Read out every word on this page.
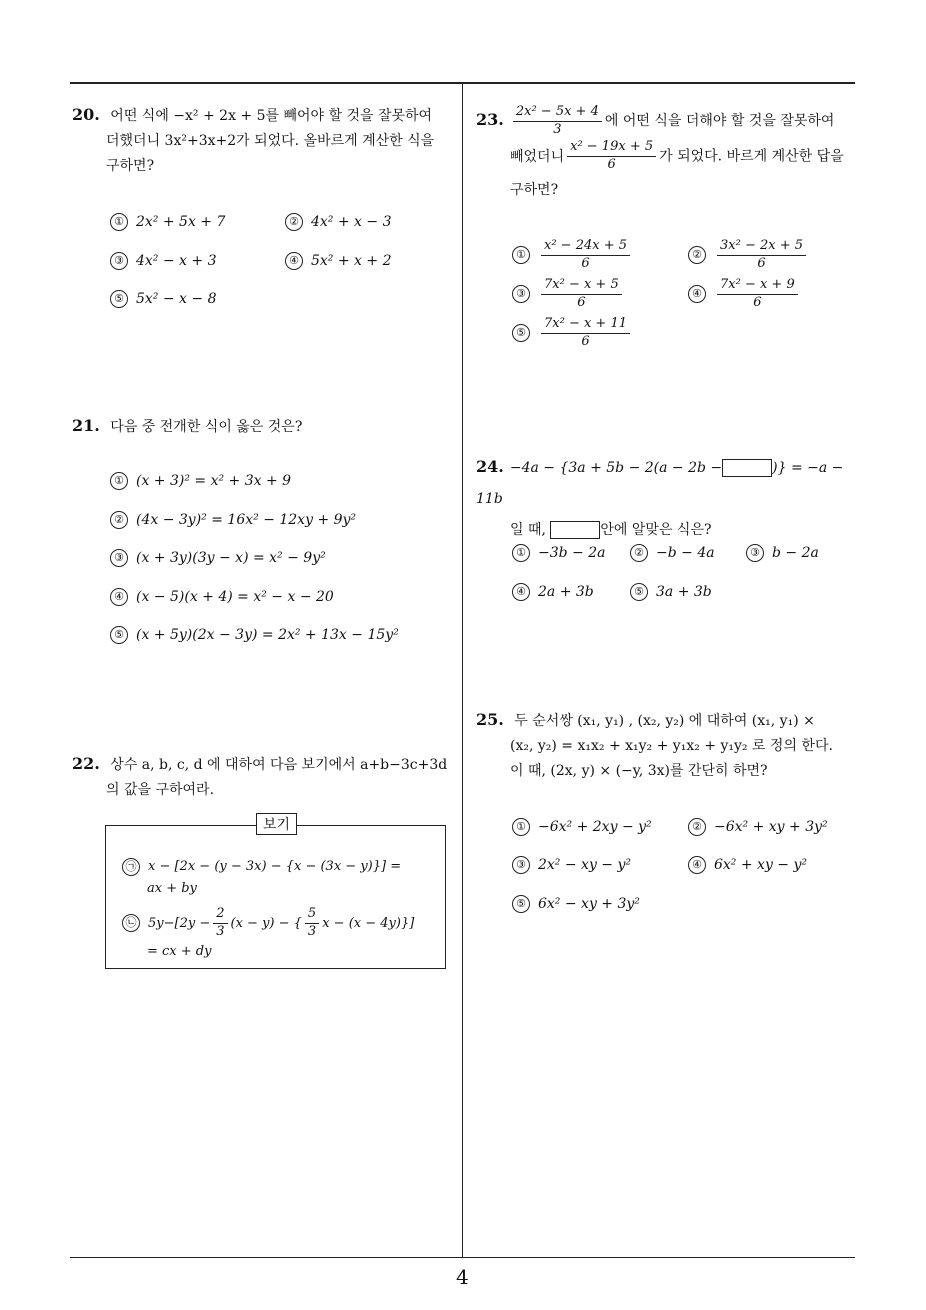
20. 어떤 식에 −x² + 2x + 5를 빼어야 할 것을 잘못하여
더했더니 3x²+3x+2가 되었다. 올바르게 계산한 식을
구하면?
① 2x² + 5x + 7	② 4x² + x − 3
③ 4x² − x + 3	④ 5x² + x + 2
⑤ 5x² − x − 8
21. 다음 중 전개한 식이 옳은 것은?
① (x + 3)² = x² + 3x + 9
② (4x − 3y)² = 16x² − 12xy + 9y²
③ (x + 3y)(3y − x) = x² − 9y²
④ (x − 5)(x + 4) = x² − x − 20
⑤ (x + 5y)(2x − 3y) = 2x² + 13x − 15y²
22. 상수 a, b, c, d 에 대하여 다음 보기에서 a+b−3c+3d
의 값을 구하여라.
보기
㉠ x − [2x − (y − 3x) − {x − (3x − y)}] =
ax + by
㉡ $5y-[2y - \frac{2}{3} (x - y)$ − { $\frac{5}{3}$ x − (x − 4y)}]
= cx + dy
23. $\frac{\text{2x² − 5x + 4}}{3}$ 에 어떤 식을 더해야 할 것을 잘못하여
빼었더니 $\frac{\text{x² − 19x + 5}}{6}$ 가 되었다. 바르게 계산한 답을
구하면?
① $\frac{\text{x² − 24x + 5}}{6}$	② $\frac{\text{3x² − 2x + 5}}{6}$
③ $\frac{\text{7x² − x + 5}}{6}$	④ $\frac{\text{7x² − x + 9}}{6}$
⑤ $\frac{\text{7x² − x + 11}}{6}$
24. −4a − {3a + 5b − 2(a − 2b −	)} = −a − 11b
일 때,	안에 알맞은 식은?
① −3b − 2a	② −b − 4a	③ b − 2a
④ 2a + 3b	⑤ 3a + 3b
25. 두 순서쌍 (x₁, y₁) , (x₂, y₂) 에 대하여 (x₁, y₁) ×
(x₂, y₂) = x₁x₂ + x₁y₂ + y₁x₂ + y₁y₂ 로 정의 한다.
이 때, (2x, y) × (−y, 3x)를 간단히 하면?
① −6x² + 2xy − y²	② −6x² + xy + 3y²
③ 2x² − xy − y²	④ 6x² + xy − y²
⑤ 6x² − xy + 3y²
4
